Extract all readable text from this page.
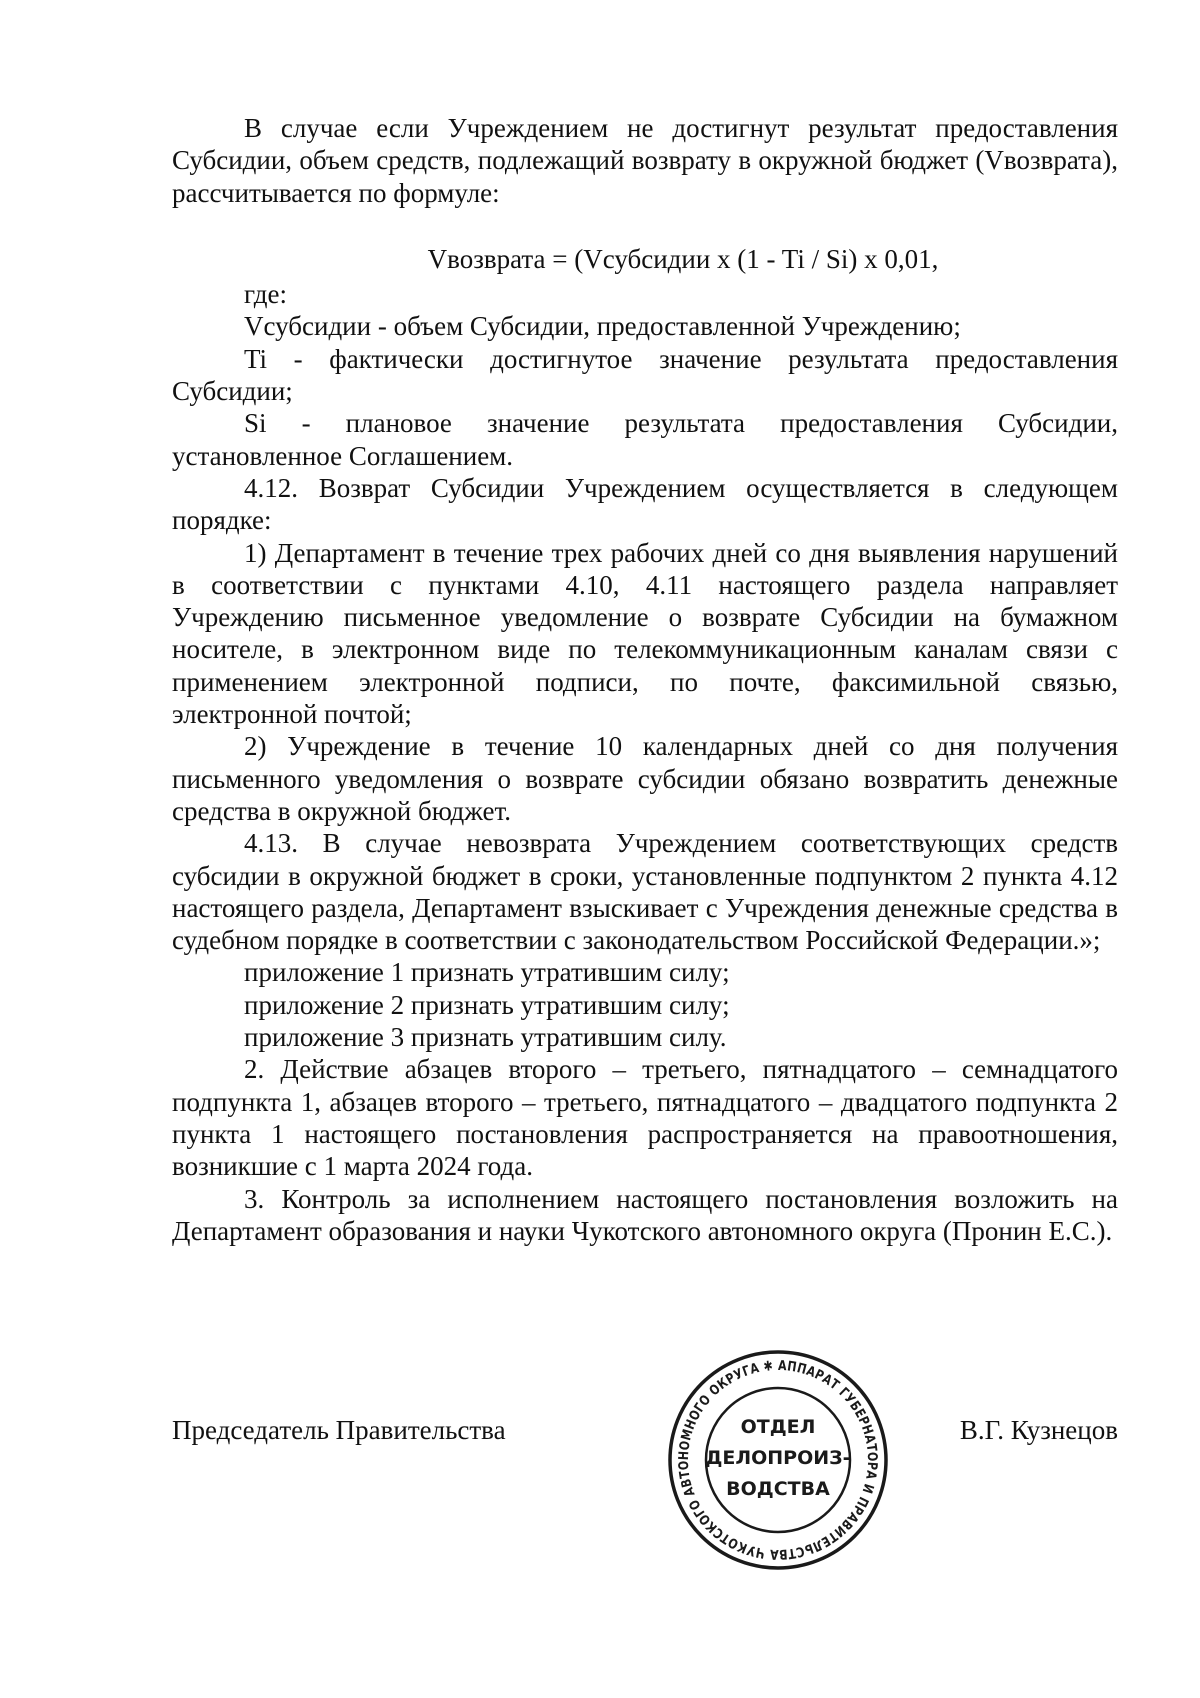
В случае если Учреждением не достигнут результат предоставления Субсидии, объем средств, подлежащий возврату в окружной бюджет (Vвозврата), рассчитывается по формуле:

Vвозврата = (Vсубсидии x (1 - Ti / Si) x 0,01,

где:

Vсубсидии - объем Субсидии, предоставленной Учреждению;

Ti - фактически достигнутое значение результата предоставления Субсидии;

Si - плановое значение результата предоставления Субсидии, установленное Соглашением.

4.12. Возврат Субсидии Учреждением осуществляется в следующем порядке:

1) Департамент в течение трех рабочих дней со дня выявления нарушений в соответствии с пунктами 4.10, 4.11 настоящего раздела направляет Учреждению письменное уведомление о возврате Субсидии на бумажном носителе, в электронном виде по телекоммуникационным каналам связи с применением электронной подписи, по почте, факсимильной связью, электронной почтой;

2) Учреждение в течение 10 календарных дней со дня получения письменного уведомления о возврате субсидии обязано возвратить денежные средства в окружной бюджет.

4.13. В случае невозврата Учреждением соответствующих средств субсидии в окружной бюджет в сроки, установленные подпунктом 2 пункта 4.12 настоящего раздела, Департамент взыскивает с Учреждения денежные средства в судебном порядке в соответствии с законодательством Российской Федерации.»;

приложение 1 признать утратившим силу;

приложение 2 признать утратившим силу;

приложение 3 признать утратившим силу.

2. Действие абзацев второго – третьего, пятнадцатого – семнадцатого подпункта 1, абзацев второго – третьего, пятнадцатого – двадцатого подпункта 2 пункта 1 настоящего постановления распространяется на правоотношения, возникшие с 1 марта 2024 года.

3. Контроль за исполнением настоящего постановления возложить на Департамент образования и науки Чукотского автономного округа (Пронин Е.С.).

Председатель Правительства	В.Г. Кузнецов
АППАРАТ ГУБЕРНАТОРА И ПРАВИТЕЛЬСТВА ЧУКОТСКОГО АВТОНОМНОГО ОКРУГА ✱
ОТДЕЛ
ДЕЛОПРОИЗ-
ВОДСТВА
